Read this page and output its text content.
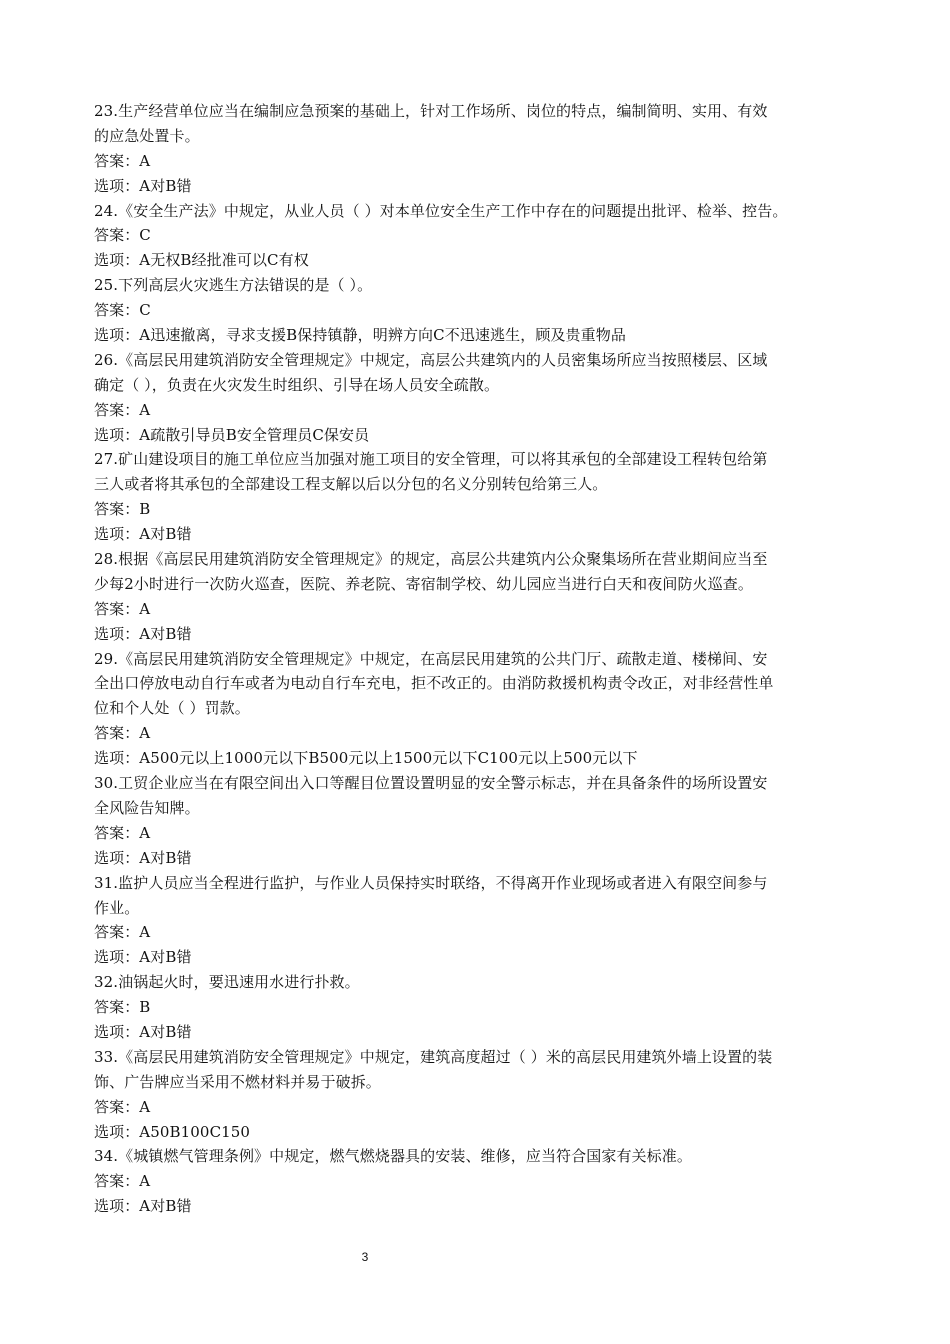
23.生产经营单位应当在编制应急预案的基础上，针对工作场所、岗位的特点，编制简明、实用、有效
的应急处置卡。
答案：A
选项：A对B错
24.《安全生产法》中规定，从业人员（ ）对本单位安全生产工作中存在的问题提出批评、检举、控告。
答案：C
选项：A无权B经批准可以C有权
25.下列高层火灾逃生方法错误的是（ ）。
答案：C
选项：A迅速撤离，寻求支援B保持镇静，明辨方向C不迅速逃生，顾及贵重物品
26.《高层民用建筑消防安全管理规定》中规定，高层公共建筑内的人员密集场所应当按照楼层、区域
确定（ ），负责在火灾发生时组织、引导在场人员安全疏散。
答案：A
选项：A疏散引导员B安全管理员C保安员
27.矿山建设项目的施工单位应当加强对施工项目的安全管理，可以将其承包的全部建设工程转包给第
三人或者将其承包的全部建设工程支解以后以分包的名义分别转包给第三人。
答案：B
选项：A对B错
28.根据《高层民用建筑消防安全管理规定》的规定，高层公共建筑内公众聚集场所在营业期间应当至
少每2小时进行一次防火巡查，医院、养老院、寄宿制学校、幼儿园应当进行白天和夜间防火巡查。
答案：A
选项：A对B错
29.《高层民用建筑消防安全管理规定》中规定，在高层民用建筑的公共门厅、疏散走道、楼梯间、安
全出口停放电动自行车或者为电动自行车充电，拒不改正的。由消防救援机构责令改正，对非经营性单
位和个人处（ ）罚款。
答案：A
选项：A500元以上1000元以下B500元以上1500元以下C100元以上500元以下
30.工贸企业应当在有限空间出入口等醒目位置设置明显的安全警示标志，并在具备条件的场所设置安
全风险告知牌。
答案：A
选项：A对B错
31.监护人员应当全程进行监护，与作业人员保持实时联络，不得离开作业现场或者进入有限空间参与
作业。
答案：A
选项：A对B错
32.油锅起火时，要迅速用水进行扑救。
答案：B
选项：A对B错
33.《高层民用建筑消防安全管理规定》中规定，建筑高度超过（ ）米的高层民用建筑外墙上设置的装
饰、广告牌应当采用不燃材料并易于破拆。
答案：A
选项：A50B100C150
34.《城镇燃气管理条例》中规定，燃气燃烧器具的安装、维修，应当符合国家有关标准。
答案：A
选项：A对B错
3
